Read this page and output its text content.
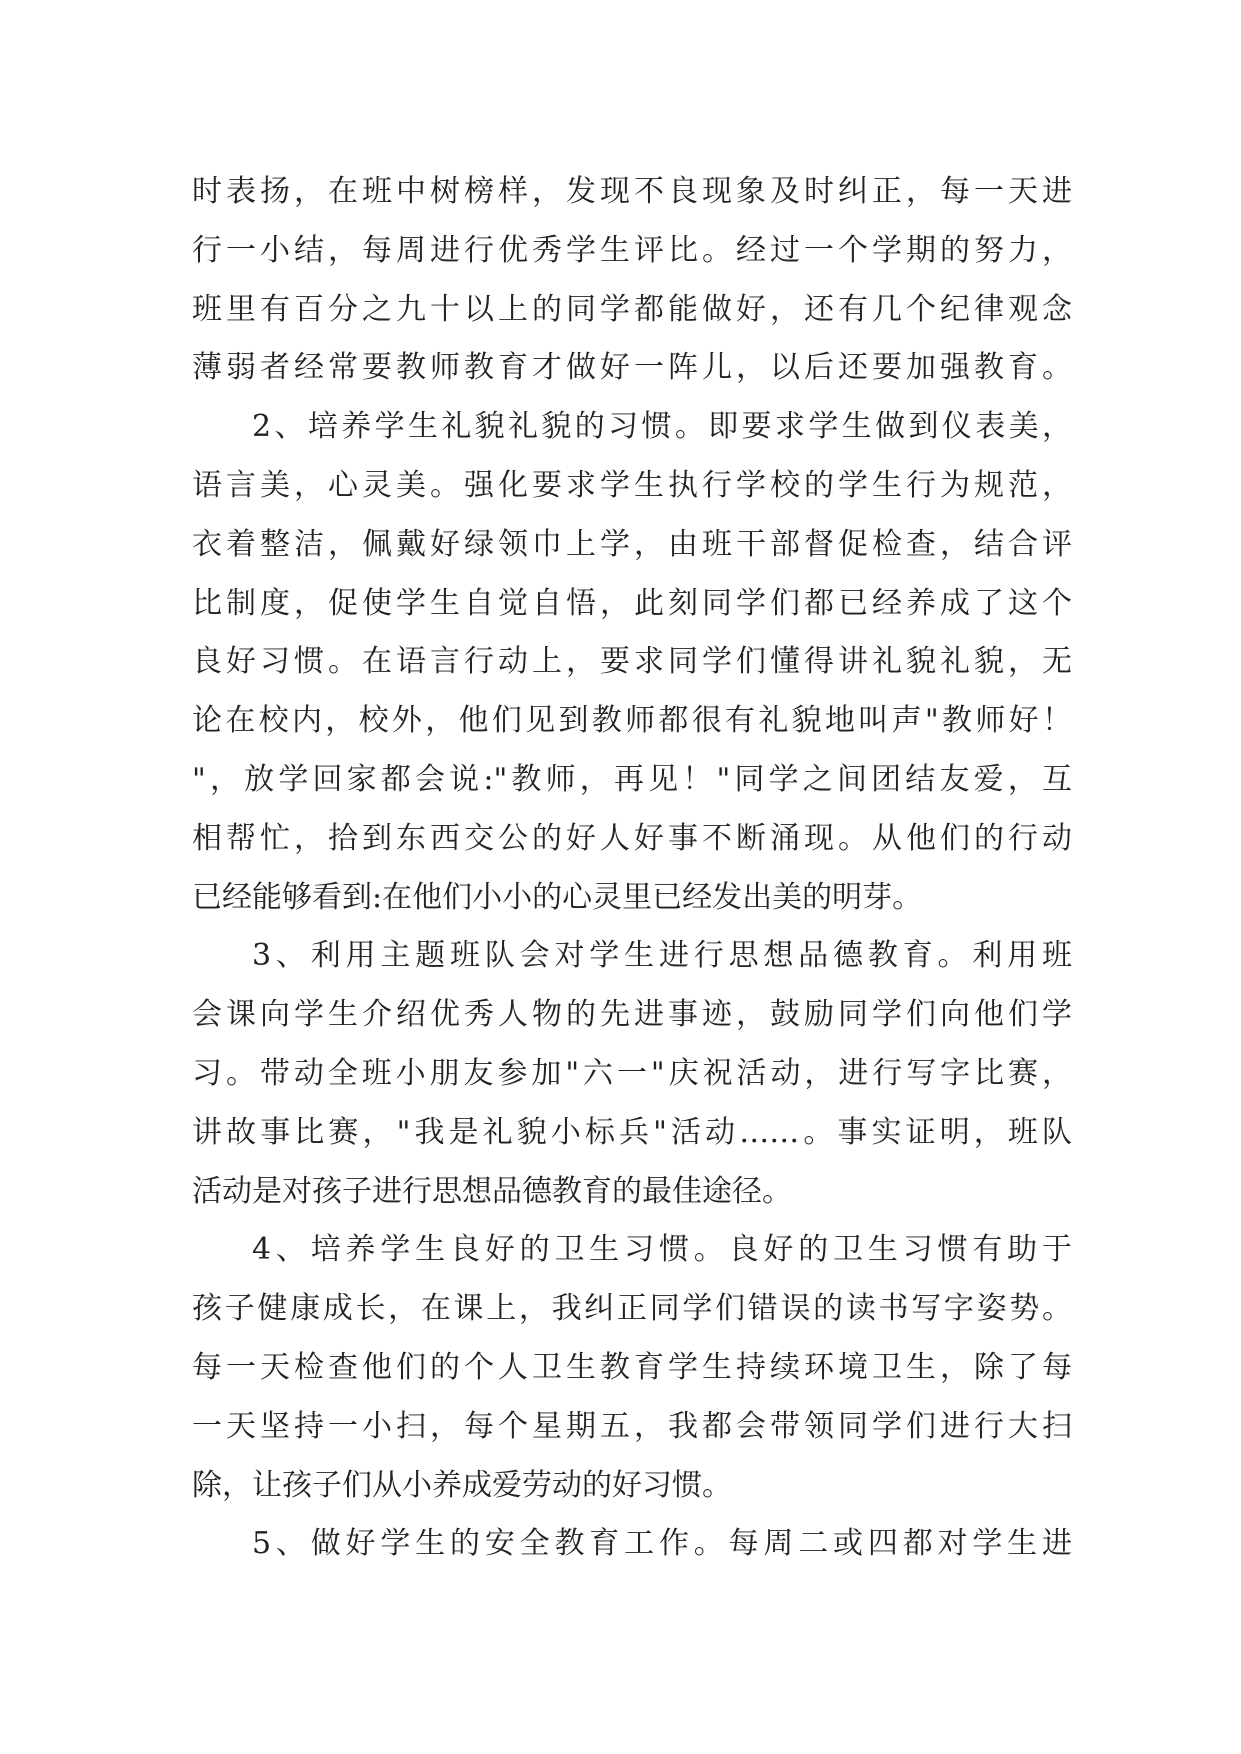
时表扬，在班中树榜样，发现不良现象及时纠正，每一天进
行一小结，每周进行优秀学生评比。经过一个学期的努力，
班里有百分之九十以上的同学都能做好，还有几个纪律观念
薄弱者经常要教师教育才做好一阵儿，以后还要加强教育。
2、培养学生礼貌礼貌的习惯。即要求学生做到仪表美，
语言美，心灵美。强化要求学生执行学校的学生行为规范，
衣着整洁，佩戴好绿领巾上学，由班干部督促检查，结合评
比制度，促使学生自觉自悟，此刻同学们都已经养成了这个
良好习惯。在语言行动上，要求同学们懂得讲礼貌礼貌，无
论在校内，校外，他们见到教师都很有礼貌地叫声"教师好！
"，放学回家都会说:"教师，再见！"同学之间团结友爱，互
相帮忙，拾到东西交公的好人好事不断涌现。从他们的行动
已经能够看到:在他们小小的心灵里已经发出美的明芽。
3、利用主题班队会对学生进行思想品德教育。利用班
会课向学生介绍优秀人物的先进事迹，鼓励同学们向他们学
习。带动全班小朋友参加"六一"庆祝活动，进行写字比赛，
讲故事比赛，"我是礼貌小标兵"活动……。事实证明，班队
活动是对孩子进行思想品德教育的最佳途径。
4、培养学生良好的卫生习惯。良好的卫生习惯有助于
孩子健康成长，在课上，我纠正同学们错误的读书写字姿势。
每一天检查他们的个人卫生教育学生持续环境卫生，除了每
一天坚持一小扫，每个星期五，我都会带领同学们进行大扫
除，让孩子们从小养成爱劳动的好习惯。
5、做好学生的安全教育工作。每周二或四都对学生进
